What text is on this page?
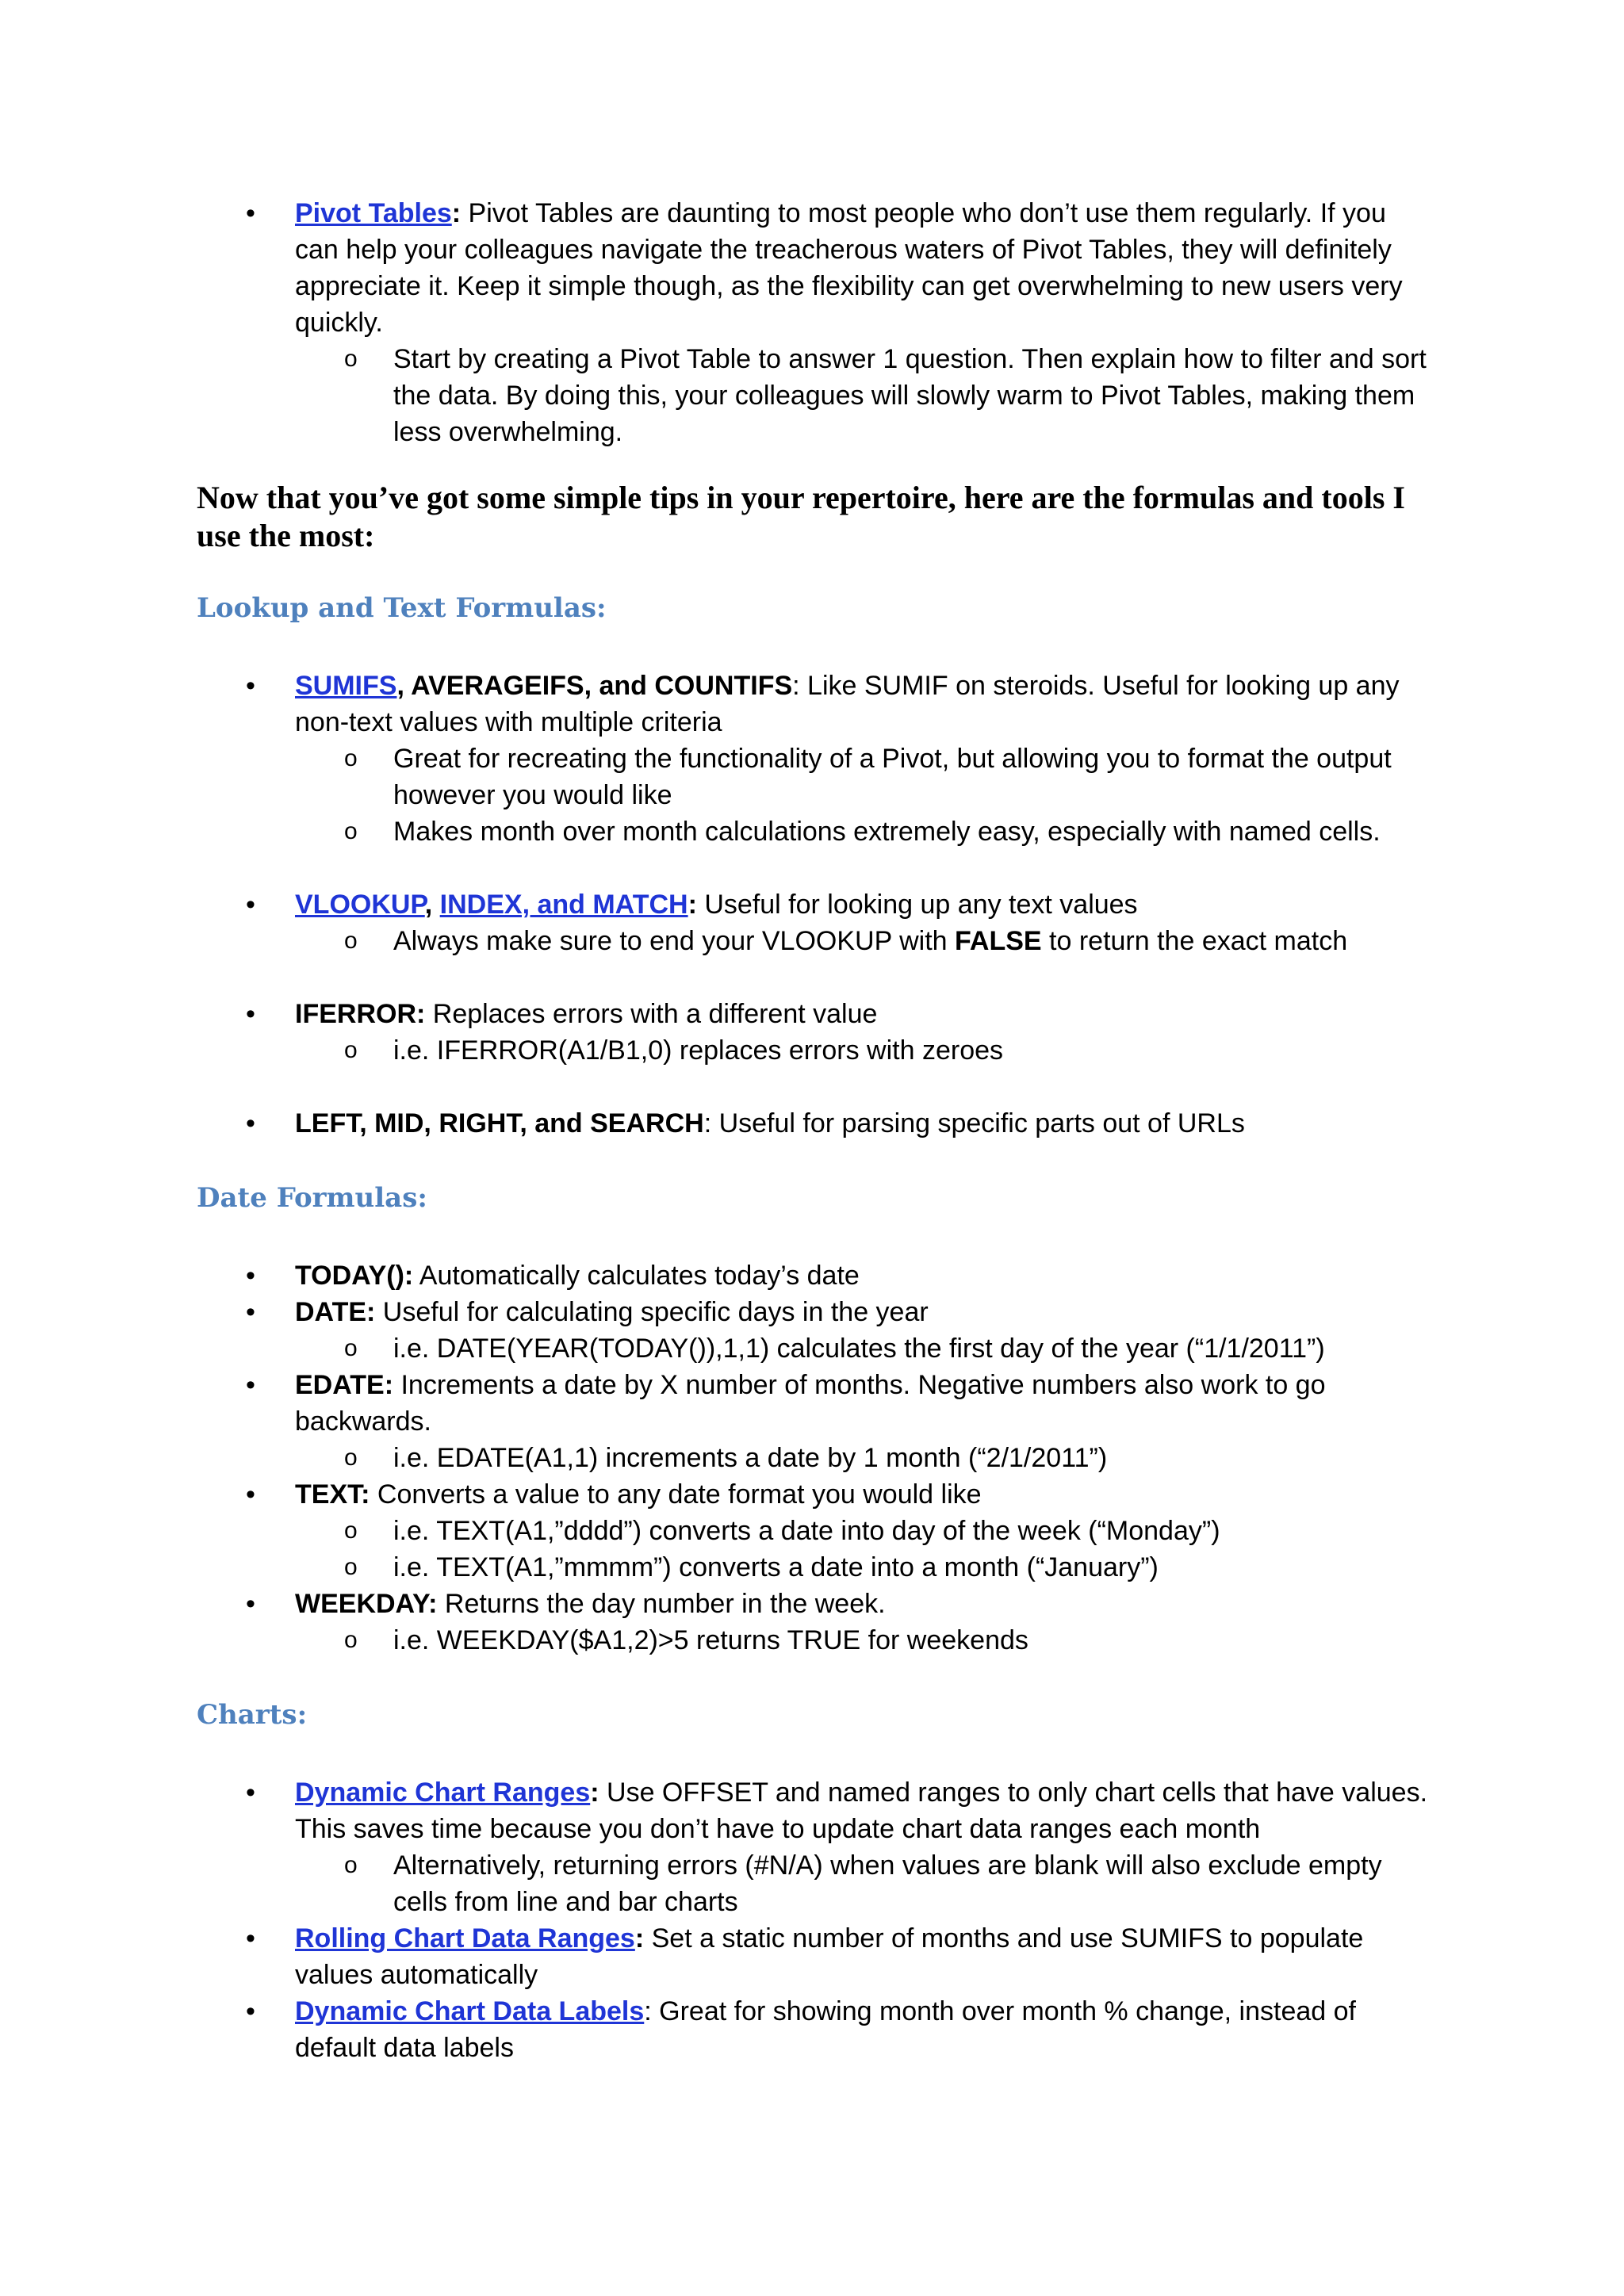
• Pivot Tables: Pivot Tables are daunting to most people who don’t use them regularly. If you can help your colleagues navigate the treacherous waters of Pivot Tables, they will definitely appreciate it. Keep it simple though, as the flexibility can get overwhelming to new users very quickly.
o Start by creating a Pivot Table to answer 1 question. Then explain how to filter and sort the data. By doing this, your colleagues will slowly warm to Pivot Tables, making them less overwhelming.
Now that you’ve got some simple tips in your repertoire, here are the formulas and tools I use the most:
Lookup and Text Formulas:
• SUMIFS, AVERAGEIFS, and COUNTIFS: Like SUMIF on steroids. Useful for looking up any non-text values with multiple criteria
o Great for recreating the functionality of a Pivot, but allowing you to format the output however you would like
o Makes month over month calculations extremely easy, especially with named cells.
• VLOOKUP, INDEX, and MATCH: Useful for looking up any text values
o Always make sure to end your VLOOKUP with FALSE to return the exact match
• IFERROR: Replaces errors with a different value
o i.e. IFERROR(A1/B1,0) replaces errors with zeroes
• LEFT, MID, RIGHT, and SEARCH: Useful for parsing specific parts out of URLs
Date Formulas:
• TODAY(): Automatically calculates today’s date
• DATE: Useful for calculating specific days in the year
o i.e. DATE(YEAR(TODAY()),1,1) calculates the first day of the year (“1/1/2011”)
• EDATE: Increments a date by X number of months. Negative numbers also work to go backwards.
o i.e. EDATE(A1,1) increments a date by 1 month (“2/1/2011”)
• TEXT: Converts a value to any date format you would like
o i.e. TEXT(A1,”dddd”) converts a date into day of the week (“Monday”)
o i.e. TEXT(A1,”mmmm”) converts a date into a month (“January”)
• WEEKDAY: Returns the day number in the week.
o i.e. WEEKDAY($A1,2)>5 returns TRUE for weekends
Charts:
• Dynamic Chart Ranges: Use OFFSET and named ranges to only chart cells that have values. This saves time because you don’t have to update chart data ranges each month
o Alternatively, returning errors (#N/A) when values are blank will also exclude empty cells from line and bar charts
• Rolling Chart Data Ranges: Set a static number of months and use SUMIFS to populate values automatically
• Dynamic Chart Data Labels: Great for showing month over month % change, instead of default data labels
